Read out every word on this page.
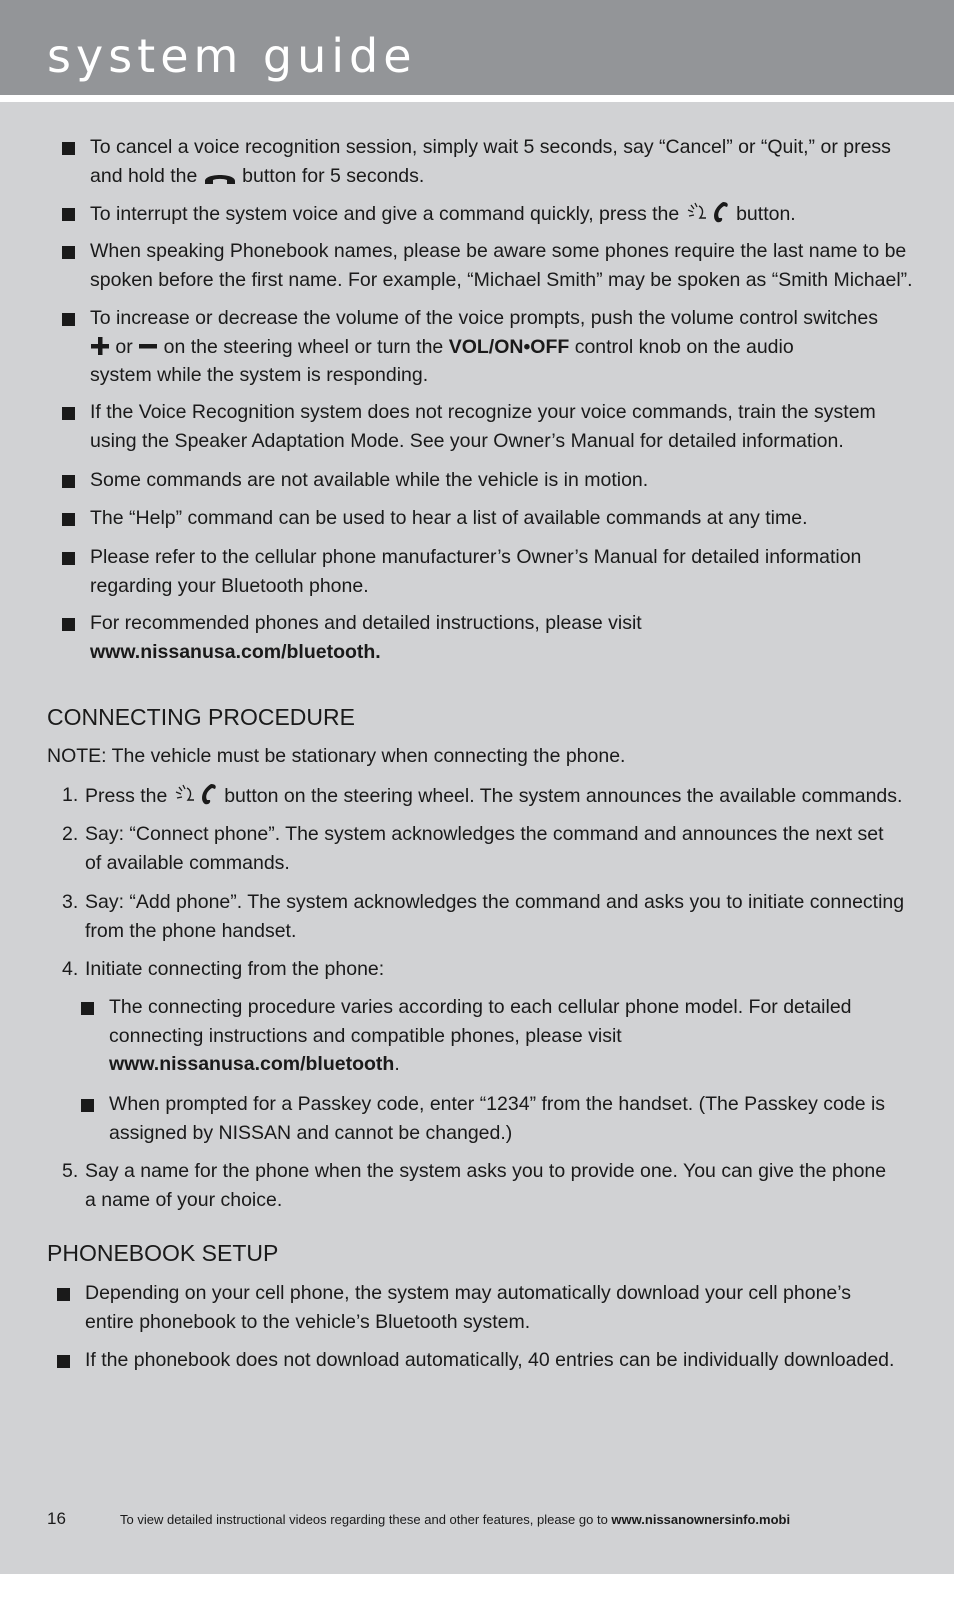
system guide
To cancel a voice recognition session, simply wait 5 seconds, say “Cancel” or “Quit,” or press
and hold the  button for 5 seconds.
To interrupt the system voice and give a command quickly, press the  button.
When speaking Phonebook names, please be aware some phones require the last name to be
spoken before the first name. For example, “Michael Smith” may be spoken as “Smith Michael”.
To increase or decrease the volume of the voice prompts, push the volume control switches
or  on the steering wheel or turn the VOL/ON•OFF control knob on the audio
system while the system is responding.
If the Voice Recognition system does not recognize your voice commands, train the system
using the Speaker Adaptation Mode. See your Owner’s Manual for detailed information.
Some commands are not available while the vehicle is in motion.
The “Help” command can be used to hear a list of available commands at any time.
Please refer to the cellular phone manufacturer’s Owner’s Manual for detailed information
regarding your Bluetooth phone.
For recommended phones and detailed instructions, please visit
www.nissanusa.com/bluetooth.
CONNECTING PROCEDURE
NOTE: The vehicle must be stationary when connecting the phone.
1. Press the  button on the steering wheel. The system announces the available commands.
2. Say: “Connect phone”. The system acknowledges the command and announces the next set
of available commands.
3. Say: “Add phone”. The system acknowledges the command and asks you to initiate connecting
from the phone handset.
4. Initiate connecting from the phone:
The connecting procedure varies according to each cellular phone model. For detailed
connecting instructions and compatible phones, please visit
www.nissanusa.com/bluetooth.
When prompted for a Passkey code, enter “1234” from the handset. (The Passkey code is
assigned by NISSAN and cannot be changed.)
5. Say a name for the phone when the system asks you to provide one. You can give the phone
a name of your choice.
PHONEBOOK SETUP
Depending on your cell phone, the system may automatically download your cell phone’s
entire phonebook to the vehicle’s Bluetooth system.
If the phonebook does not download automatically, 40 entries can be individually downloaded.
16	To view detailed instructional videos regarding these and other features, please go to www.nissanownersinfo.mobi
